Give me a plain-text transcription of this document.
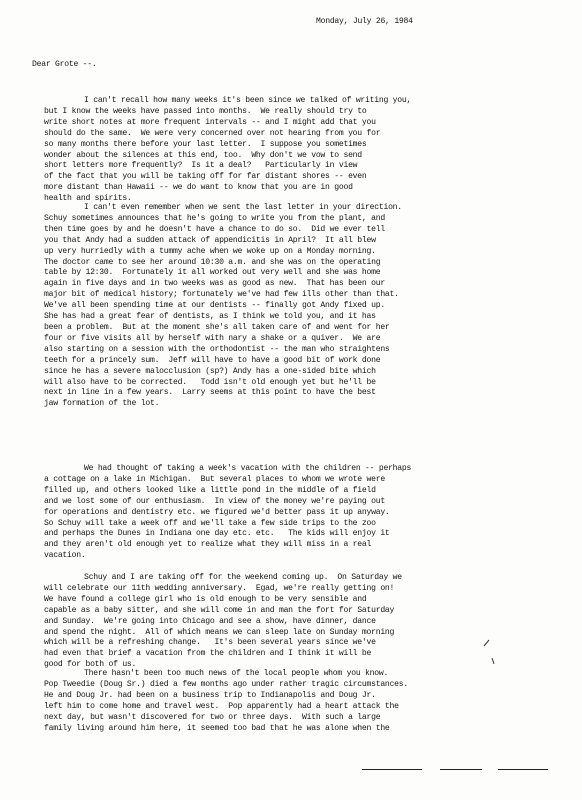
Monday, July 26, 1984
Dear Grote --.
I can't recall how many weeks it's been since we talked of writing you,
but I know the weeks have passed into months.  We really should try to
write short notes at more frequent intervals -- and I might add that you
should do the same.  We were very concerned over not hearing from you for
so many months there before your last letter.  I suppose you sometimes
wonder about the silences at this end, too.  Why don't we vow to send
short letters more frequently?  Is it a deal?   Particularly in view
of the fact that you will be taking off for far distant shores -- even
more distant than Hawaii -- we do want to know that you are in good
health and spirits.
I can't even remember when we sent the last letter in your direction.
Schuy sometimes announces that he's going to write you from the plant, and
then time goes by and he doesn't have a chance to do so.  Did we ever tell
you that Andy had a sudden attack of appendicitis in April?  It all blew
up very hurriedly with a tummy ache when we woke up on a Monday morning.
The doctor came to see her around 10:30 a.m. and she was on the operating
table by 12:30.  Fortunately it all worked out very well and she was home
again in five days and in two weeks was as good as new.  That has been our
major bit of medical history; fortunately we've had few ills other than that.
We've all been spending time at our dentists -- finally got Andy fixed up.
She has had a great fear of dentists, as I think we told you, and it has
been a problem.  But at the moment she's all taken care of and went for her
four or five visits all by herself with nary a shake or a quiver.  We are
also starting on a session with the orthodontist -- the man who straightens
teeth for a princely sum.  Jeff will have to have a good bit of work done
since he has a severe malocclusion (sp?) Andy has a one-sided bite which
will also have to be corrected.   Todd isn't old enough yet but he'll be
next in line in a few years.  Larry seems at this point to have the best
jaw formation of the lot.
We had thought of taking a week's vacation with the children -- perhaps
a cottage on a lake in Michigan.  But several places to whom we wrote were
filled up, and others looked like a little pond in the middle of a field
and we lost some of our enthusiasm.  In view of the money we're paying out
for operations and dentistry etc. we figured we'd better pass it up anyway.
So Schuy will take a week off and we'll take a few side trips to the zoo
and perhaps the Dunes in Indiana one day etc. etc.   The kids will enjoy it
and they aren't old enough yet to realize what they will miss in a real
vacation.
Schuy and I are taking off for the weekend coming up.  On Saturday we
will celebrate our 11th wedding anniversary.  Egad, we're really getting on!
We have found a college girl who is old enough to be very sensible and
capable as a baby sitter, and she will come in and man the fort for Saturday
and Sunday.  We're going into Chicago and see a show, have dinner, dance
and spend the night.  All of which means we can sleep late on Sunday morning
which will be a refreshing change.   It's been several years since we've
had even that brief a vacation from the children and I think it will be
good for both of us.
There hasn't been too much news of the local people whom you know.
Pop Tweedie (Doug Sr.) died a few months ago under rather tragic circumstances.
He and Doug Jr. had been on a business trip to Indianapolis and Doug Jr.
left him to come home and travel west.  Pop apparently had a heart attack the
next day, but wasn't discovered for two or three days.  With such a large
family living around him here, it seemed too bad that he was alone when the
